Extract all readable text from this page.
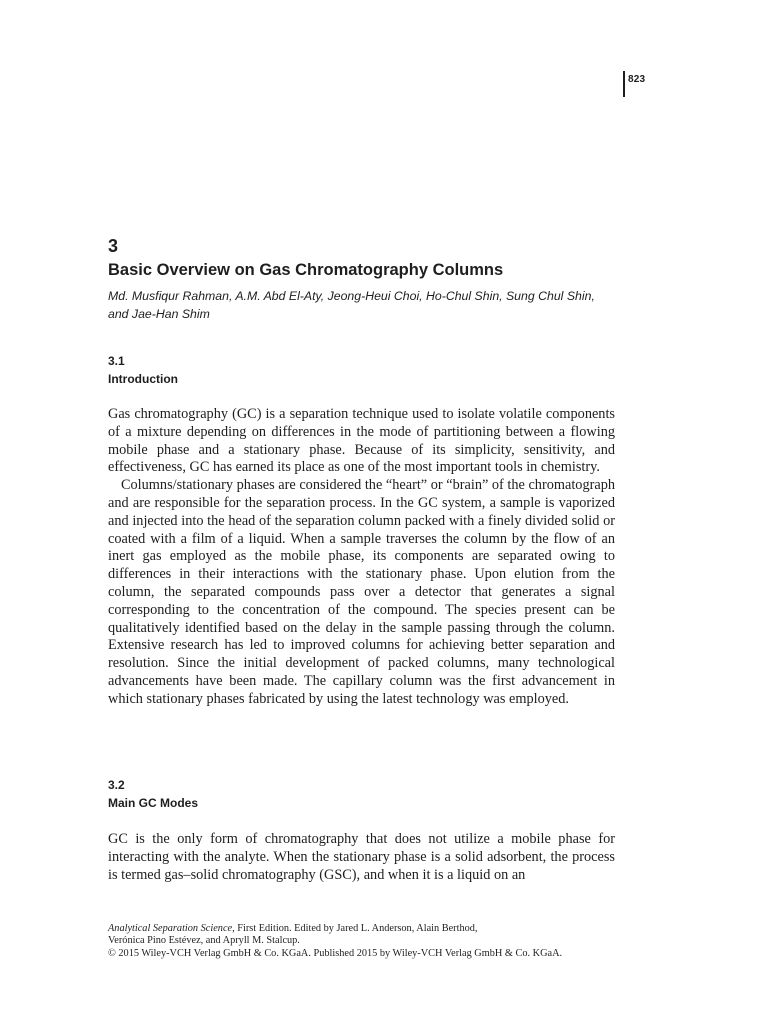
823
3
Basic Overview on Gas Chromatography Columns
Md. Musfiqur Rahman, A.M. Abd El-Aty, Jeong-Heui Choi, Ho-Chul Shin, Sung Chul Shin, and Jae-Han Shim
3.1
Introduction

Gas chromatography (GC) is a separation technique used to isolate volatile components of a mixture depending on differences in the mode of partitioning between a flowing mobile phase and a stationary phase. Because of its simplicity, sensitivity, and effectiveness, GC has earned its place as one of the most important tools in chemistry.

Columns/stationary phases are considered the “heart” or “brain” of the chromatograph and are responsible for the separation process. In the GC system, a sample is vaporized and injected into the head of the separation column packed with a finely divided solid or coated with a film of a liquid. When a sample traverses the column by the flow of an inert gas employed as the mobile phase, its components are separated owing to differences in their interactions with the stationary phase. Upon elution from the column, the separated compounds pass over a detector that generates a signal corresponding to the concentration of the compound. The species present can be qualitatively identified based on the delay in the sample passing through the column. Extensive research has led to improved columns for achieving better separation and resolution. Since the initial development of packed columns, many technological advancements have been made. The capillary column was the first advancement in which stationary phases fabricated by using the latest technology was employed.

3.2
Main GC Modes

GC is the only form of chromatography that does not utilize a mobile phase for interacting with the analyte. When the stationary phase is a solid adsorbent, the process is termed gas–solid chromatography (GSC), and when it is a liquid on an

Analytical Separation Science, First Edition. Edited by Jared L. Anderson, Alain Berthod,
Verónica Pino Estévez, and Apryll M. Stalcup.
© 2015 Wiley-VCH Verlag GmbH & Co. KGaA. Published 2015 by Wiley-VCH Verlag GmbH & Co. KGaA.
